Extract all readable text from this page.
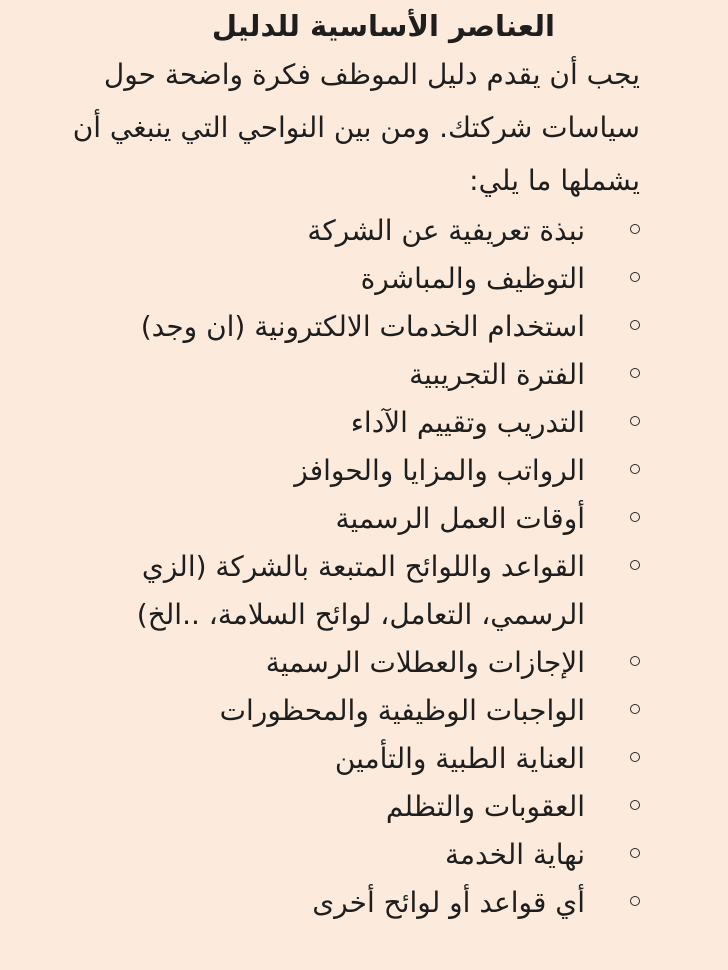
العناصر الأساسية للدليل

يجب أن يقدم دليل الموظف فكرة واضحة حول سياسات شركتك. ومن بين النواحي التي ينبغي أن يشملها ما يلي:

نبذة تعريفية عن الشركة
التوظيف والمباشرة
استخدام الخدمات الالكترونية (ان وجد)
الفترة التجريبية
التدريب وتقييم الآداء
الرواتب والمزايا والحوافز
أوقات العمل الرسمية
القواعد واللوائح المتبعة بالشركة (الزي الرسمي، التعامل، لوائح السلامة، ..الخ)
الإجازات والعطلات الرسمية
الواجبات الوظيفية والمحظورات
العناية الطبية والتأمين
العقوبات والتظلم
نهاية الخدمة
أي قواعد أو لوائح أخرى
